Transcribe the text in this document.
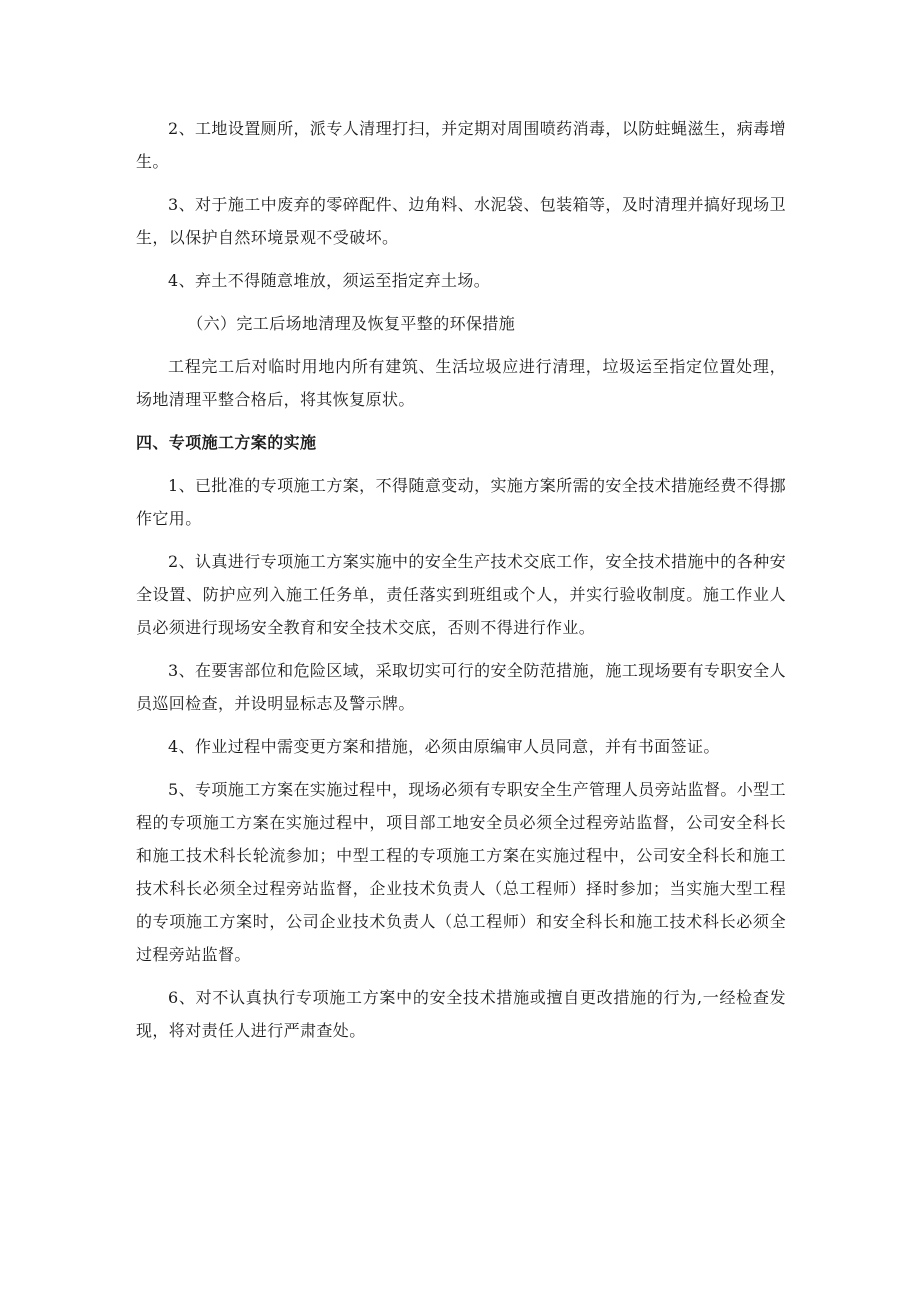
2、工地设置厕所，派专人清理打扫，并定期对周围喷药消毒，以防蛀蝇滋生，病毒增生。

3、对于施工中废弃的零碎配件、边角料、水泥袋、包装箱等，及时清理并搞好现场卫生，以保护自然环境景观不受破坏。

4、弃土不得随意堆放，须运至指定弃土场。

（六）完工后场地清理及恢复平整的环保措施

工程完工后对临时用地内所有建筑、生活垃圾应进行清理，垃圾运至指定位置处理，场地清理平整合格后，将其恢复原状。

四、专项施工方案的实施

1、已批准的专项施工方案，不得随意变动，实施方案所需的安全技术措施经费不得挪作它用。

2、认真进行专项施工方案实施中的安全生产技术交底工作，安全技术措施中的各种安全设置、防护应列入施工任务单，责任落实到班组或个人，并实行验收制度。施工作业人员必须进行现场安全教育和安全技术交底，否则不得进行作业。

3、在要害部位和危险区域，采取切实可行的安全防范措施，施工现场要有专职安全人员巡回检查，并设明显标志及警示牌。

4、作业过程中需变更方案和措施，必须由原编审人员同意，并有书面签证。

5、专项施工方案在实施过程中，现场必须有专职安全生产管理人员旁站监督。小型工程的专项施工方案在实施过程中，项目部工地安全员必须全过程旁站监督，公司安全科长和施工技术科长轮流参加；中型工程的专项施工方案在实施过程中，公司安全科长和施工技术科长必须全过程旁站监督，企业技术负责人（总工程师）择时参加；当实施大型工程的专项施工方案时，公司企业技术负责人（总工程师）和安全科长和施工技术科长必须全过程旁站监督。

6、对不认真执行专项施工方案中的安全技术措施或擅自更改措施的行为,一经检查发现，将对责任人进行严肃查处。
